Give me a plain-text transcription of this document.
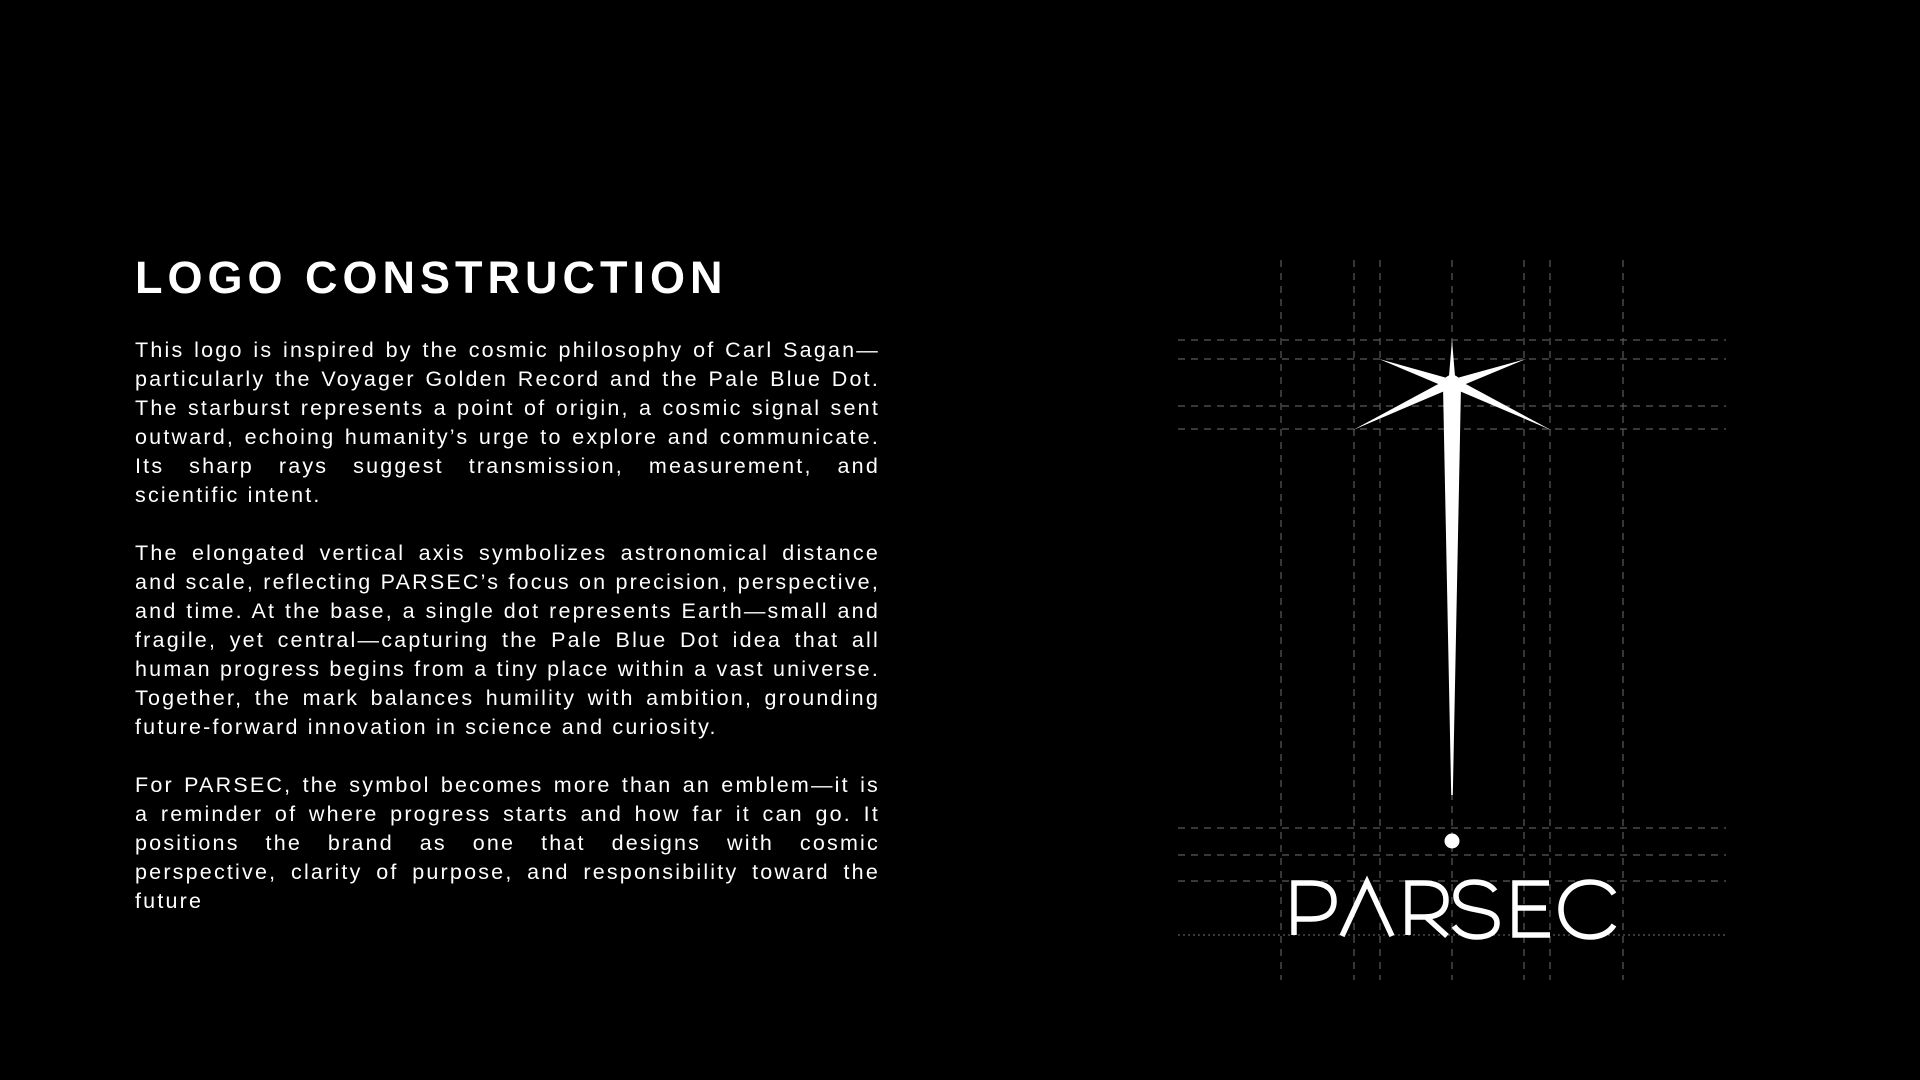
LOGO CONSTRUCTION

This logo is inspired by the cosmic philosophy of Carl Sagan—particularly the Voyager Golden Record and the Pale Blue Dot. The starburst represents a point of origin, a cosmic signal sent outward, echoing humanity’s urge to explore and communicate. Its sharp rays suggest transmission, measurement, and scientific intent.

The elongated vertical axis symbolizes astronomical distance and scale, reflecting PARSEC’s focus on precision, perspective, and time. At the base, a single dot represents Earth—small and fragile, yet central—capturing the Pale Blue Dot idea that all human progress begins from a tiny place within a vast universe. Together, the mark balances humility with ambition, grounding future-forward innovation in science and curiosity.

For PARSEC, the symbol becomes more than an emblem—it is a reminder of where progress starts and how far it can go. It positions the brand as one that designs with cosmic perspective, clarity of purpose, and responsibility toward the future
